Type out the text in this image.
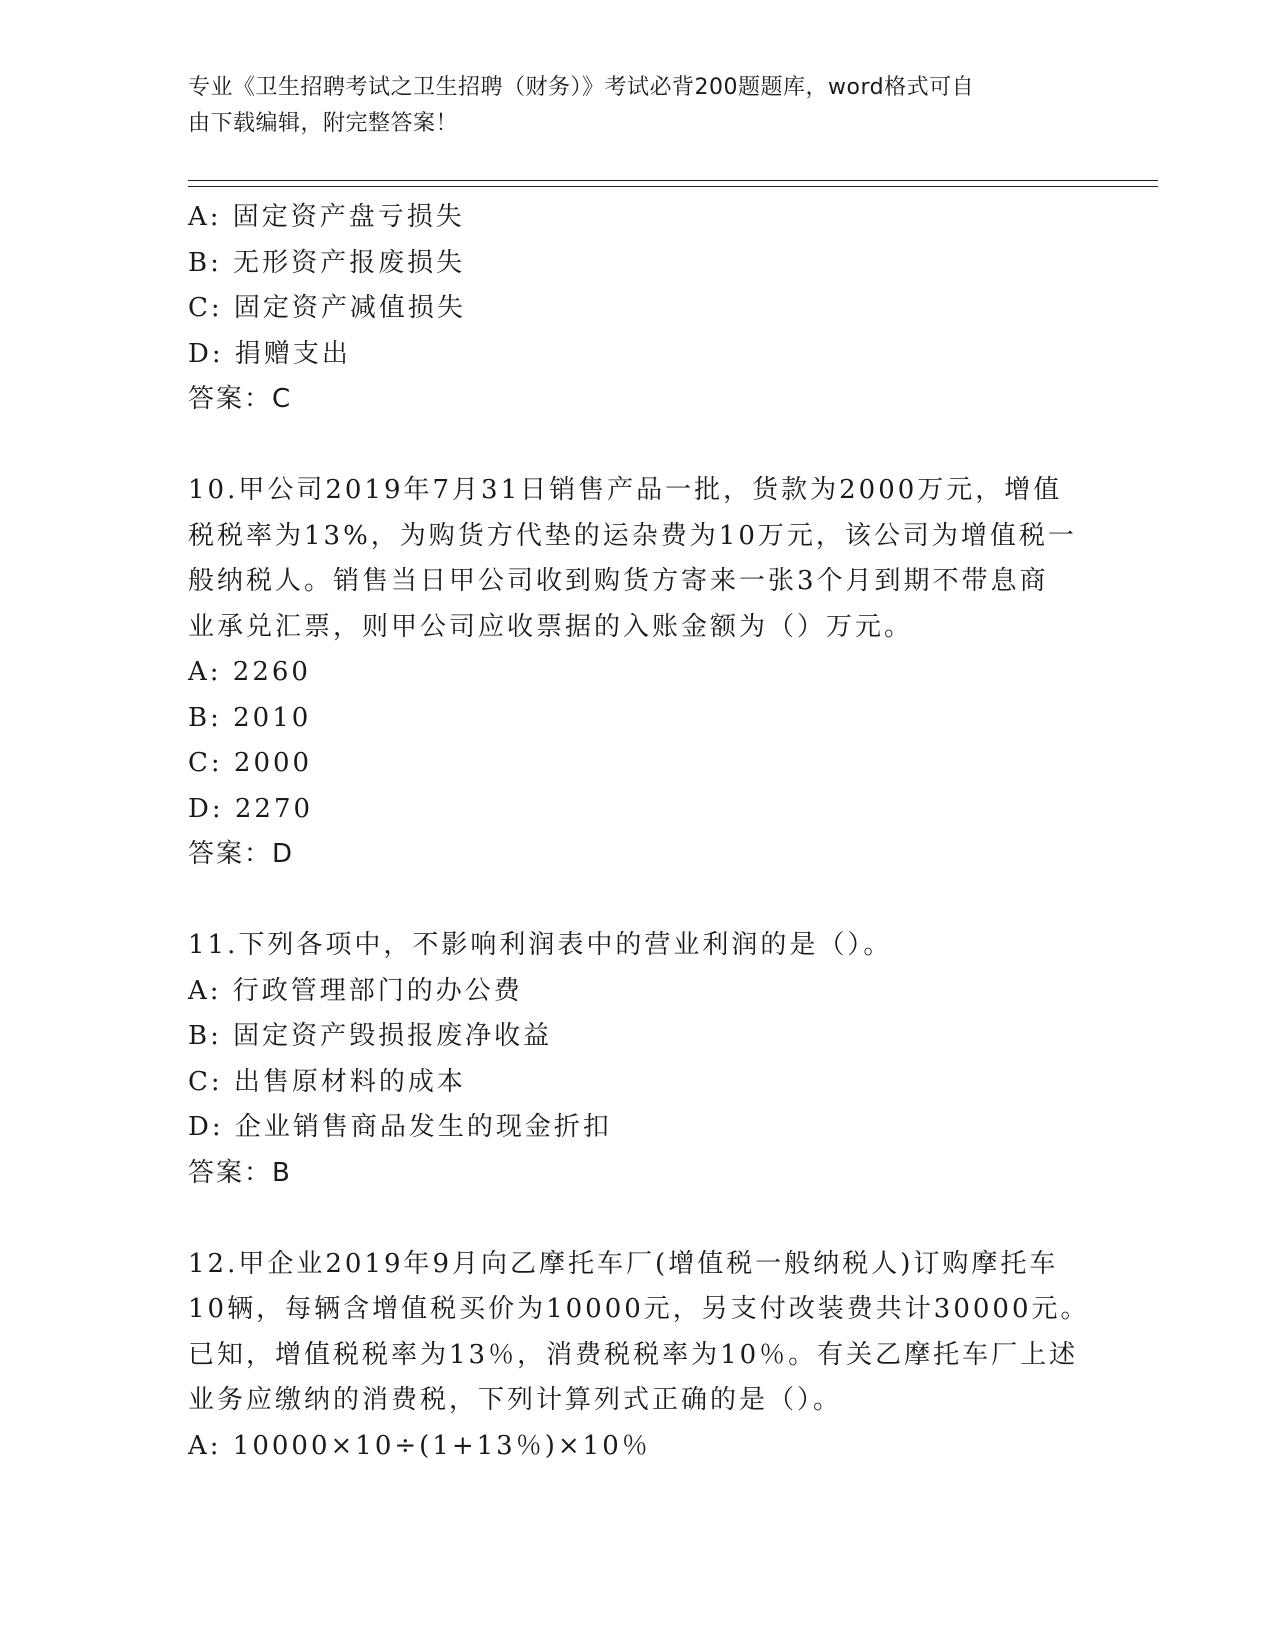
专业《卫生招聘考试之卫生招聘（财务）》考试必背200题题库，word格式可自

由下载编辑，附完整答案！

A: 固定资产盘亏损失

B: 无形资产报废损失

C: 固定资产减值损失

D: 捐赠支出

答案：C

10.甲公司2019年7月31日销售产品一批，货款为2000万元，增值

税税率为13%，为购货方代垫的运杂费为10万元，该公司为增值税一

般纳税人。销售当日甲公司收到购货方寄来一张3个月到期不带息商

业承兑汇票，则甲公司应收票据的入账金额为（）万元。

A: 2260

B: 2010

C: 2000

D: 2270

答案：D

11.下列各项中，不影响利润表中的营业利润的是（）。

A: 行政管理部门的办公费

B: 固定资产毁损报废净收益

C: 出售原材料的成本

D: 企业销售商品发生的现金折扣

答案：B

12.甲企业2019年9月向乙摩托车厂(增值税一般纳税人)订购摩托车

10辆，每辆含增值税买价为10000元，另支付改装费共计30000元。

已知，增值税税率为13％，消费税税率为10％。有关乙摩托车厂上述

业务应缴纳的消费税，下列计算列式正确的是（）。

A: 10000×10÷(1+13％)×10％
